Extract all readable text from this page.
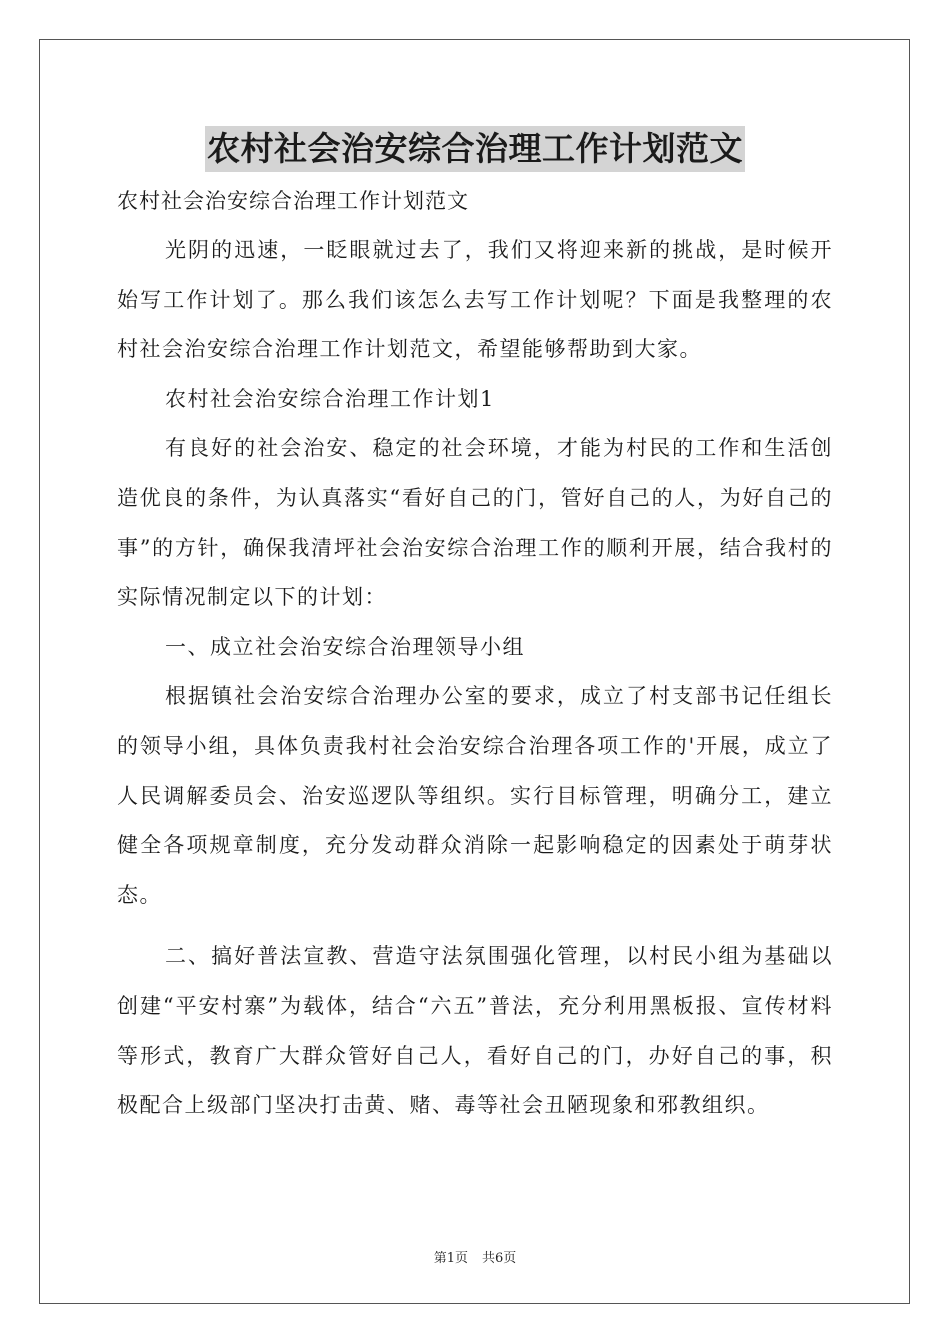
农村社会治安综合治理工作计划范文

农村社会治安综合治理工作计划范文

光阴的迅速，一眨眼就过去了，我们又将迎来新的挑战，是时候开始写工作计划了。那么我们该怎么去写工作计划呢？下面是我整理的农村社会治安综合治理工作计划范文，希望能够帮助到大家。

农村社会治安综合治理工作计划1

有良好的社会治安、稳定的社会环境，才能为村民的工作和生活创造优良的条件，为认真落实“看好自己的门，管好自己的人，为好自己的事”的方针，确保我清坪社会治安综合治理工作的顺利开展，结合我村的实际情况制定以下的计划：

一、成立社会治安综合治理领导小组

根据镇社会治安综合治理办公室的要求，成立了村支部书记任组长的领导小组，具体负责我村社会治安综合治理各项工作的'开展，成立了人民调解委员会、治安巡逻队等组织。实行目标管理，明确分工，建立健全各项规章制度，充分发动群众消除一起影响稳定的因素处于萌芽状态。

二、搞好普法宣教、营造守法氛围强化管理，以村民小组为基础以创建“平安村寨”为载体，结合“六五”普法，充分利用黑板报、宣传材料等形式，教育广大群众管好自己人，看好自己的门，办好自己的事，积极配合上级部门坚决打击黄、赌、毒等社会丑陋现象和邪教组织。

第1页 共6页
